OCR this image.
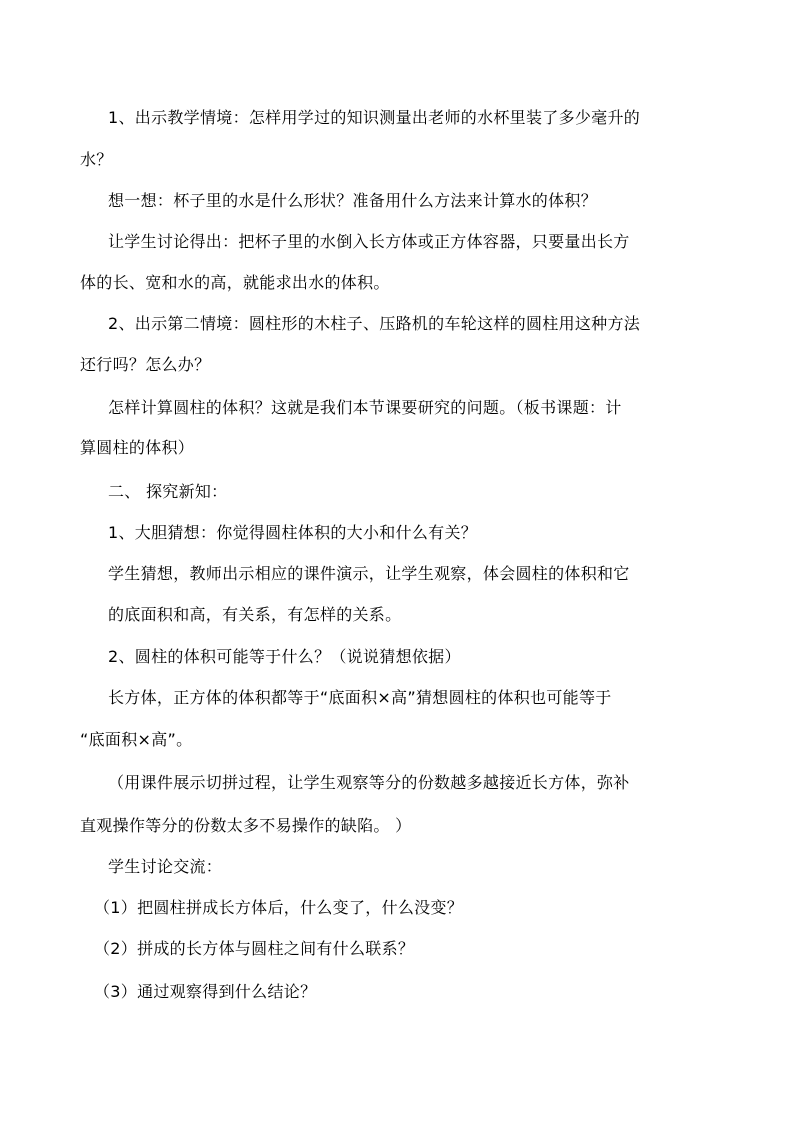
1、出示教学情境：怎样用学过的知识测量出老师的水杯里装了多少毫升的
水？
想一想：杯子里的水是什么形状？准备用什么方法来计算水的体积？
让学生讨论得出：把杯子里的水倒入长方体或正方体容器，只要量出长方
体的长、宽和水的高，就能求出水的体积。
2、出示第二情境：圆柱形的木柱子、压路机的车轮这样的圆柱用这种方法
还行吗？怎么办？
怎样计算圆柱的体积？这就是我们本节课要研究的问题。（板书课题：计
算圆柱的体积）
二、 探究新知：
1、大胆猜想：你觉得圆柱体积的大小和什么有关？
学生猜想，教师出示相应的课件演示，让学生观察，体会圆柱的体积和它
的底面积和高，有关系，有怎样的关系。
2、圆柱的体积可能等于什么？（说说猜想依据）
长方体，正方体的体积都等于“底面积×高”猜想圆柱的体积也可能等于
“底面积×高”。
（用课件展示切拼过程，让学生观察等分的份数越多越接近长方体，弥补
直观操作等分的份数太多不易操作的缺陷。 ）
学生讨论交流：
（1）把圆柱拼成长方体后，什么变了，什么没变？
（2）拼成的长方体与圆柱之间有什么联系？
（3）通过观察得到什么结论？
